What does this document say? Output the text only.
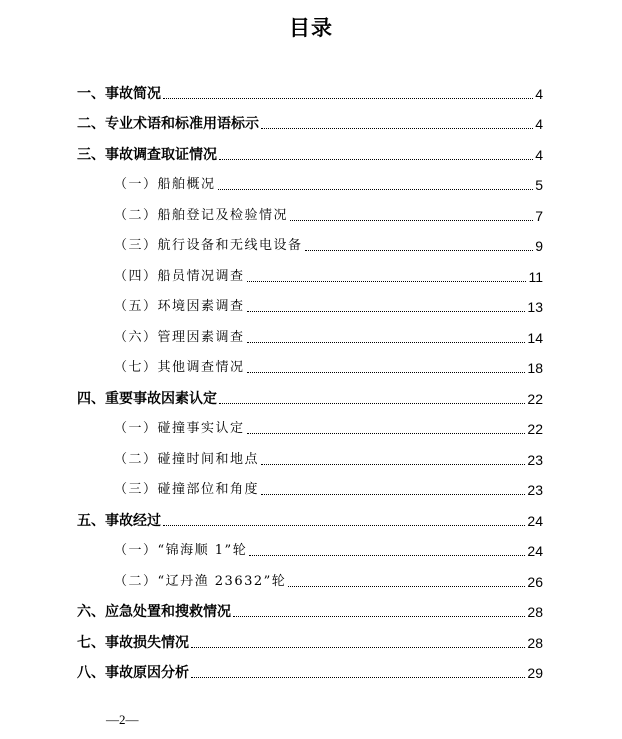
目录
一、事故简况	4
二、专业术语和标准用语标示	4
三、事故调查取证情况	4
（一）船舶概况	5
（二）船舶登记及检验情况	7
（三）航行设备和无线电设备	9
（四）船员情况调查	11
（五）环境因素调查	13
（六）管理因素调查	14
（七）其他调查情况	18
四、重要事故因素认定	22
（一）碰撞事实认定	22
（二）碰撞时间和地点	23
（三）碰撞部位和角度	23
五、事故经过	24
（一）“锦海顺 1”轮	24
（二）“辽丹渔 23632”轮	26
六、应急处置和搜救情况	28
七、事故损失情况	28
八、事故原因分析	29
—2—
